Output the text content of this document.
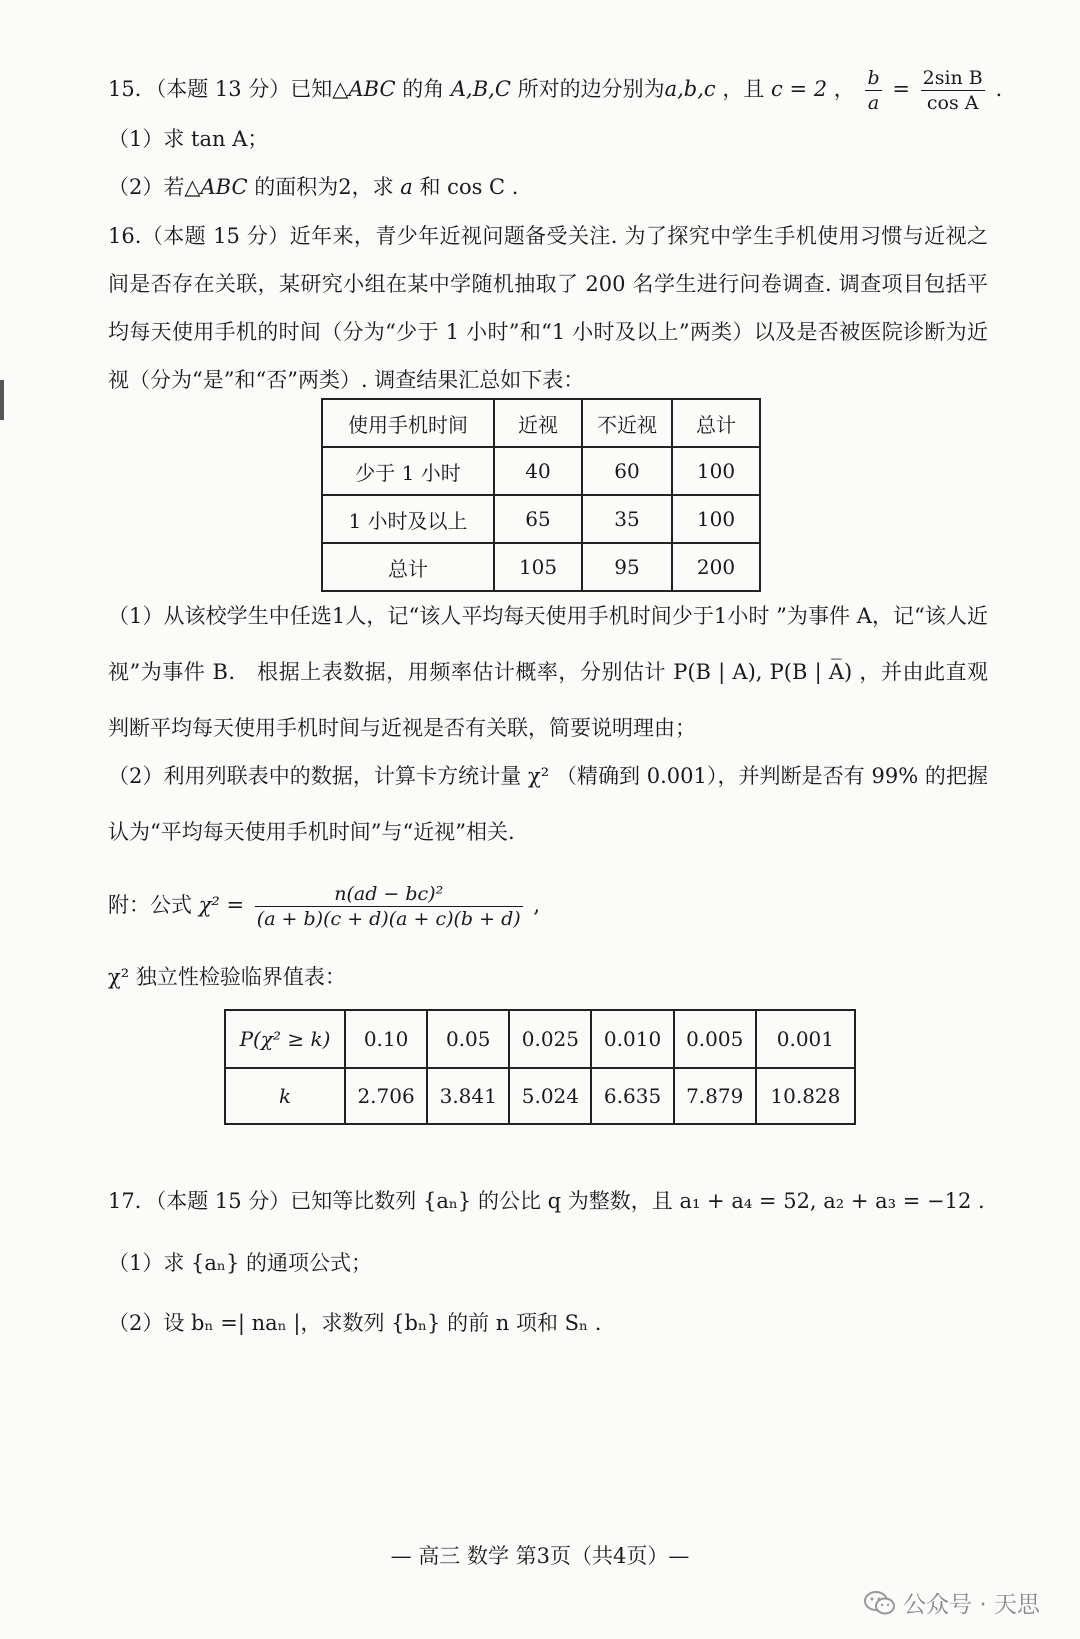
15．（本题 13 分）已知△ABC 的角 A,B,C 所对的边分别为a,b,c ，且 c = 2 ， $\frac{b}{a} = \frac{\text{2sin B}}{\text{cos A}}$ .
（1）求 tan A；
（2）若△ABC 的面积为2，求 a 和 cos C .
16.（本题 15 分）近年来，青少年近视问题备受关注. 为了探究中学生手机使用习惯与近视之间是否存在关联，某研究小组在某中学随机抽取了 200 名学生进行问卷调查. 调查项目包括平均每天使用手机的时间（分为“少于 1 小时”和“1 小时及以上”两类）以及是否被医院诊断为近视（分为“是”和“否”两类）. 调查结果汇总如下表：
使用手机时间	近视	不近视	总计
少于 1 小时	40	60	100
1 小时及以上	65	35	100
总计	105	95	200
（1）从该校学生中任选1人，记“该人平均每天使用手机时间少于1小时 ”为事件 A，记“该人近视”为事件 B． 根据上表数据，用频率估计概率，分别估计 P(B | A), P(B | A̅) ，并由此直观判断平均每天使用手机时间与近视是否有关联，简要说明理由；
（2）利用列联表中的数据，计算卡方统计量 χ² （精确到 0.001），并判断是否有 99% 的把握认为“平均每天使用手机时间”与“近视”相关.
附：公式 $\chi^2 = \frac{\text{n(ad − bc)²}}{(a + b)(c + d)(a + c)(b + d)}$ ,
χ² 独立性检验临界值表：
P(χ² ≥ k)	0.10	0.05	0.025	0.010	0.005	0.001
k	2.706	3.841	5.024	6.635	7.879	10.828
17．（本题 15 分）已知等比数列 {aₙ} 的公比 q 为整数，且 a₁ + a₄ = 52, a₂ + a₃ = −12 .
（1）求 {aₙ} 的通项公式；
（2）设 bₙ =| naₙ |，求数列 {bₙ} 的前 n 项和 Sₙ .
— 高三 数学 第3页（共4页）—
公众号 · 天思
